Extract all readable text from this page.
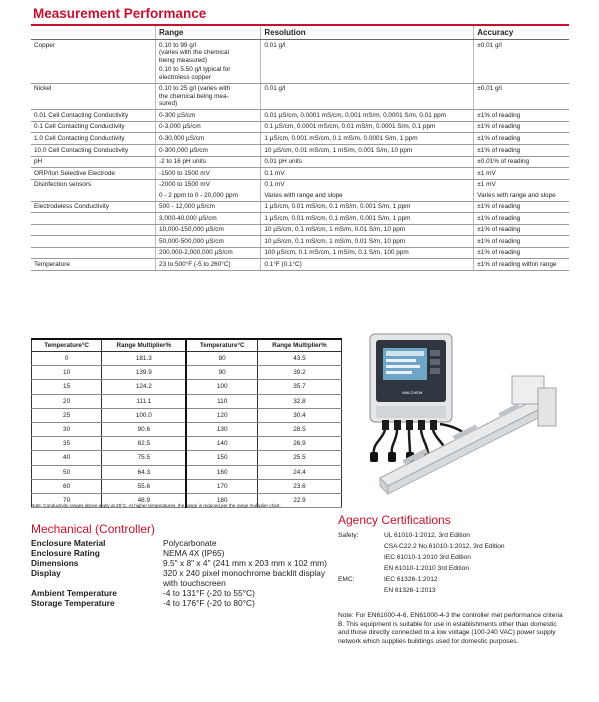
Measurement Performance
	Range	Resolution	Accuracy
Copper	0.10 to 99 g/l
(varies with the chemical
being measured)
0.10 to 5.50 g/l typical for
electroless copper	0.01 g/l	±0.01 g/l
Nickel	0.10 to 25 g/l (varies with
the chemical being mea-
sured)	0.01 g/l	±0.01 g/l
0.01 Cell Contacting Conductivity	0-300 µS/cm	0.01 µS/cm, 0.0001 mS/cm, 0.001 mS/m, 0.0001 S/m, 0.01 ppm	±1% of reading
0.1 Cell Contacting Conductivity	0-3,000 µS/cm	0.1 µS/cm, 0.0001 mS/cm, 0.01 mS/m, 0.0001 S/m, 0.1 ppm	±1% of reading
1.0 Cell Contacting Conductivity	0-30,000 µS/cm	1 µS/cm, 0.001 mS/cm, 0.1 mS/m, 0.0001 S/m, 1 ppm	±1% of reading
10.0 Cell Contacting Conductivity	0-300,000 µS/cm	10 µS/cm, 0.01 mS/cm, 1 mS/m, 0.001 S/m, 10 ppm	±1% of reading
pH	-2 to 16 pH units	0.01 pH units	±0.01% of reading
ORP/Ion Selective Electrode	-1500 to 1500 mV	0.1 mV	±1 mV
Disinfection sensors	-2000 to 1500 mV	0.1 mV	±1 mV
	0 - 2 ppm to 0 - 20,000 ppm	Varies with range and slope	Varies with range and slope
Electrodeless Conductivity	500 - 12,000 µS/cm	1 µS/cm, 0.01 mS/cm, 0.1 mS/m, 0.001 S/m, 1 ppm	±1% of reading
	3,000-40,000 µS/cm	1 µS/cm, 0.01 mS/cm, 0.1 mS/m, 0.001 S/m, 1 ppm	±1% of reading
	10,000-150,000 µS/cm	10 µS/cm, 0.1 mS/cm, 1 mS/m, 0.01 S/m, 10 ppm	±1% of reading
	50,000-500,000 µS/cm	10 µS/cm, 0.1 mS/cm, 1 mS/m, 0.01 S/m, 10 ppm	±1% of reading
	200,000-2,000,000 µS/cm	100 µS/cm, 0.1 mS/cm, 1 mS/m, 0.1 S/m, 100 ppm	±1% of reading
Temperature	23 to 500°F (-5 to 260°C)	0.1°F (0.1°C)	±1% of reading within range
Temperature°C	Range Multiplier%	Temperature°C	Range Multiplier%
0	181.3	80	43.5
10	139.9	90	39.2
15	124.2	100	35.7
20	111.1	110	32.8
25	100.0	120	30.4
30	90.6	130	28.5
35	82.5	140	26.9
40	75.5	150	25.5
50	64.3	160	24.4
60	55.6	170	23.6
70	48.9	180	22.9
Note: Conductivity ranges above apply at 25°C. At higher temperatures, the range is reduced per the range multiplier chart.
WALCHEM
Mechanical (Controller)
Enclosure Material	Polycarbonate
Enclosure Rating	NEMA 4X (IP65)
Dimensions	9.5" x 8" x 4" (241 mm x 203 mm x 102 mm)
Display	320 x 240 pixel monochrome backlit display with touchscreen
Ambient Temperature	-4 to 131°F (-20 to 55°C)
Storage Temperature	-4 to 176°F (-20 to 80°C)
Agency Certifications
Safety:	UL 61010-1:2012, 3rd Edition
CSA C22.2 No.61010-1:2012, 3rd Edition
IEC 61010-1:2010 3rd Edition
EN 61010-1:2010 3rd Edition
EMC:	IEC 61326-1:2012
EN 61326-1:2013
Note: For EN61000-4-6, EN61000-4-3 the controller met performance criteria B. This equipment is suitable for use in establishments other than domestic and those directly connected to a low voltage (100-240 VAC) power supply network which supplies buildings used for domestic purposes.
